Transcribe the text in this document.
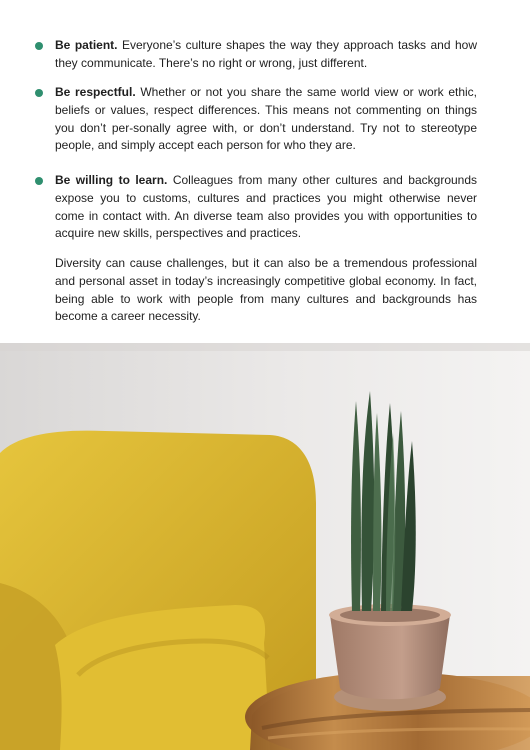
Be patient. Everyone’s culture shapes the way they approach tasks and how they communicate. There’s no right or wrong, just different.
Be respectful. Whether or not you share the same world view or work ethic, beliefs or values, respect differences. This means not commenting on things you don’t per-sonally agree with, or don’t understand. Try not to stereotype people, and simply accept each person for who they are.
Be willing to learn. Colleagues from many other cultures and backgrounds expose you to customs, cultures and practices you might otherwise never come in contact with. An diverse team also provides you with opportunities to acquire new skills, perspectives and practices.
Diversity can cause challenges, but it can also be a tremendous professional and personal asset in today’s increasingly competitive global economy. In fact, being able to work with people from many cultures and backgrounds has become a career necessity.
